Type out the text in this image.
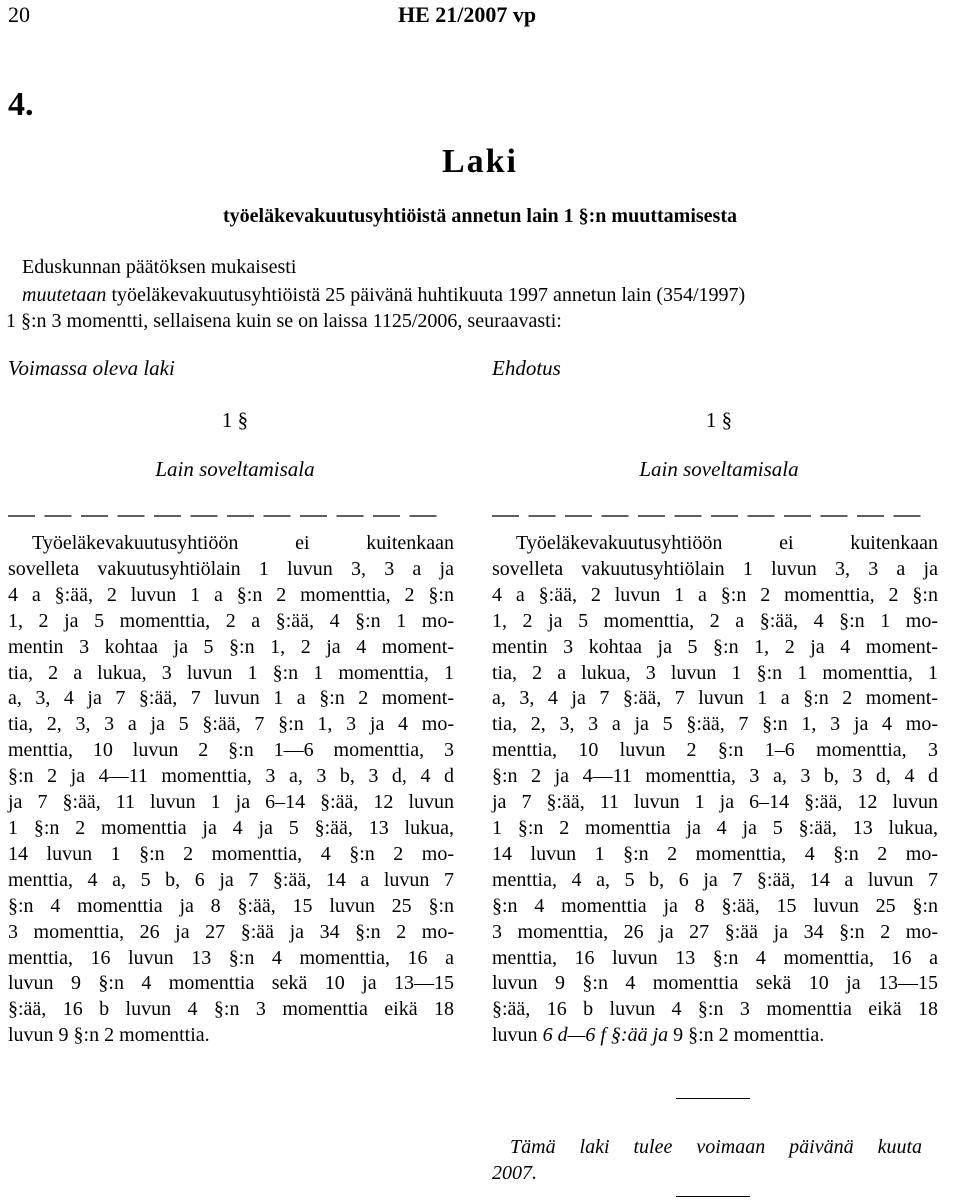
20	HE 21/2007 vp
4.
Laki
työeläkevakuutusyhtiöistä annetun lain 1 §:n muuttamisesta
Eduskunnan päätöksen mukaisesti
muutetaan työeläkevakuutusyhtiöistä 25 päivänä huhtikuuta 1997 annetun lain (354/1997)
1 §:n 3 momentti, sellaisena kuin se on laissa 1125/2006, seuraavasti:
Voimassa oleva laki	Ehdotus
1 §	1 §
Lain soveltamisala	Lain soveltamisala
Työeläkevakuutusyhtiöön ei kuitenkaan
sovelleta vakuutusyhtiölain 1 luvun 3, 3 a ja
4 a §:ää, 2 luvun 1 a §:n 2 momenttia, 2 §:n
1, 2 ja 5 momenttia, 2 a §:ää, 4 §:n 1 mo-
mentin 3 kohtaa ja 5 §:n 1, 2 ja 4 moment-
tia, 2 a lukua, 3 luvun 1 §:n 1 momenttia, 1
a, 3, 4 ja 7 §:ää, 7 luvun 1 a §:n 2 moment-
tia, 2, 3, 3 a ja 5 §:ää, 7 §:n 1, 3 ja 4 mo-
menttia, 10 luvun 2 §:n 1—6 momenttia, 3
§:n 2 ja 4—11 momenttia, 3 a, 3 b, 3 d, 4 d
ja 7 §:ää, 11 luvun 1 ja 6–14 §:ää, 12 luvun
1 §:n 2 momenttia ja 4 ja 5 §:ää, 13 lukua,
14 luvun 1 §:n 2 momenttia, 4 §:n 2 mo-
menttia, 4 a, 5 b, 6 ja 7 §:ää, 14 a luvun 7
§:n 4 momenttia ja 8 §:ää, 15 luvun 25 §:n
3 momenttia, 26 ja 27 §:ää ja 34 §:n 2 mo-
menttia, 16 luvun 13 §:n 4 momenttia, 16 a
luvun 9 §:n 4 momenttia sekä 10 ja 13—15
§:ää, 16 b luvun 4 §:n 3 momenttia eikä 18
luvun 9 §:n 2 momenttia.
Työeläkevakuutusyhtiöön ei kuitenkaan
sovelleta vakuutusyhtiölain 1 luvun 3, 3 a ja
4 a §:ää, 2 luvun 1 a §:n 2 momenttia, 2 §:n
1, 2 ja 5 momenttia, 2 a §:ää, 4 §:n 1 mo-
mentin 3 kohtaa ja 5 §:n 1, 2 ja 4 moment-
tia, 2 a lukua, 3 luvun 1 §:n 1 momenttia, 1
a, 3, 4 ja 7 §:ää, 7 luvun 1 a §:n 2 moment-
tia, 2, 3, 3 a ja 5 §:ää, 7 §:n 1, 3 ja 4 mo-
menttia, 10 luvun 2 §:n 1–6 momenttia, 3
§:n 2 ja 4—11 momenttia, 3 a, 3 b, 3 d, 4 d
ja 7 §:ää, 11 luvun 1 ja 6–14 §:ää, 12 luvun
1 §:n 2 momenttia ja 4 ja 5 §:ää, 13 lukua,
14 luvun 1 §:n 2 momenttia, 4 §:n 2 mo-
menttia, 4 a, 5 b, 6 ja 7 §:ää, 14 a luvun 7
§:n 4 momenttia ja 8 §:ää, 15 luvun 25 §:n
3 momenttia, 26 ja 27 §:ää ja 34 §:n 2 mo-
menttia, 16 luvun 13 §:n 4 momenttia, 16 a
luvun 9 §:n 4 momenttia sekä 10 ja 13—15
§:ää, 16 b luvun 4 §:n 3 momenttia eikä 18
luvun 6 d—6 f §:ää ja 9 §:n 2 momenttia.
Tämä laki tulee voimaan päivänä kuuta
2007.
